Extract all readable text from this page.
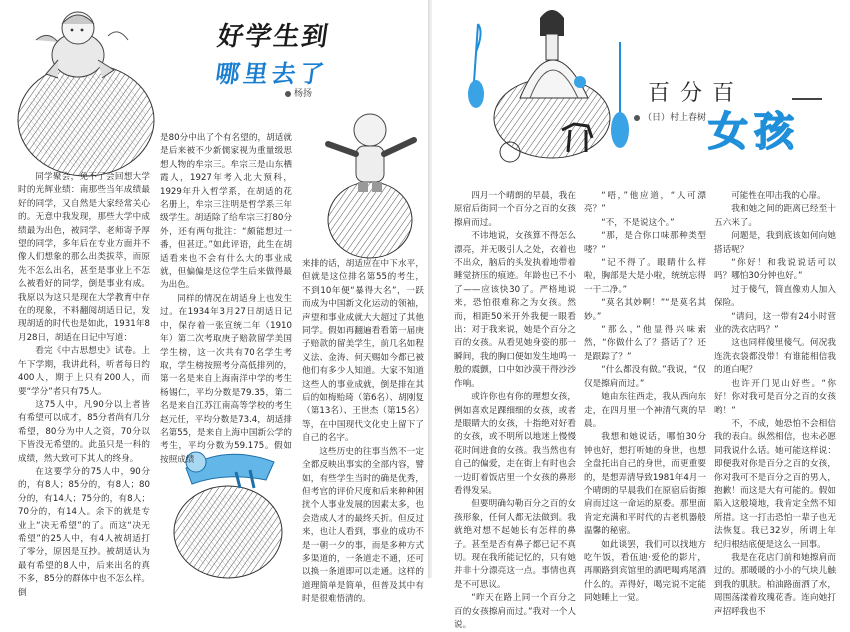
好学生到
哪里去了
杨扬

同学聚会，免不了会回想大学时的光辉业绩：南那些当年成绩最好的同学，又自然是大家经常关心的。无意中我发现，那些大学中成绩最为出色，被同学、老师寄予厚望的同学，多年后在专业方面并不像人们想象的那么出类拔萃，而原先不怎么出名，甚至是事业上不怎么被看好的同学，倒是事业有成。我原以为这只是现在大学教育中存在的现象，不料翻阅胡适日记，发现胡适的时代也是如此，1931年8月28日，胡适在日记中写道：

看完《中古思想史》试卷。上午下学期，我讲此科，听者每日约400人，期于上只有200人，而要“学分”者只有75人。

这75人中，凡90分以上者皆有希望可以成才，85分者尚有几分希望，80分为中人之资，70分以下皆没无希望的。此虽只是一科的成绩，然大致可下其人的终身。

在这要学分的75人中，90分的，有8人；85分的，有8人；80分的，有14人；75分的，有8人；70分的，有14人。余下的就是专业上“决无希望”的了。而这“决无希望”的25人中，有4人被胡适打了零分，原因是互抄。被胡适认为最有希望的8人中，后来出名的真不多，85分的群体中也不怎么样。倒

是80分中出了个有名望的，胡适就是后来被不少新儒家视为重量级思想人物的牟宗三。牟宗三是山东栖霞人，1927年考入北大预科，1929年升入哲学系，在胡适的花名册上，牟宗三注明是哲学系三年级学生。胡适除了给牟宗三打80分外，还有两句批注：“颇能想过一番，但甚迂。”如此评语，此生在胡适看来也不会有什么大的事业成就，但偏偏是这位学生后来做得最为出色。

同样的情况在胡适身上也发生过。在1934年3月27日胡适日记中，保存着一张宣统二年（1910年）第二次考取庚子赔款留学美国学生榜，这一次共有70名学生考取，学生榜按照考分高低排列的，第一名是来自上海南洋中学的考生杨锡仁，平均分数是79.35，第二名是来自江苏江南高等学校的考生赵元任，平均分数是73.4，胡适排名第55，是来自上海中国新公学的考生，平均分数为59.175。假如按照成绩

来排的话，胡适应在中下水平，但就是这位排名第55的考生，不到10年便“暴得大名”，一跃而成为中国新文化运动的领袖，声望和事业成就大大超过了其他同学。假如再翻遍看看第一届庚子赔款的留美学生，前几名如程义法、金涛、何天赐如今都已被他们有多少人知道。大家不知道这些人的事业成就，倒是排在其后的如梅贻琦（第6名）、胡刚复（第13名）、王世杰（第15名）等，在中国现代文化史上留下了自己的名字。

这些历史的往事当然不一定全都反映出事实的全部内容，譬如，有些学生当时的确是优秀，但考官的评价尺度和后来种种困扰个人事业发展的因素太多，也会造成人才的最终夭折。但反过来，也让人看到，事业的成功不是一朝一夕的事，而是多种方式多渠道的，一条道走不通，还可以换一条道即可以走通。这样的道理简单是简单，但普及其中有时是很难悟清的。

百分百
女孩
（日）村上春树

四月一个晴朗的早晨，我在原宿后街同一个百分之百的女孩擦肩而过。

不讳地说，女孩算不得怎么漂亮，并无吸引人之处，衣着也不出众，脑后的头发执着地带着睡觉挤压的痕迹。年龄也已不小了——应该快30了。严格地说来，恐怕很难称之为女孩。然而，相距50米开外我便一眼看出：对于我来说，她是个百分之百的女孩。从看见她身姿的那一瞬间，我的胸口便如发生地鸣一般的震颤，口中如沙漠干得沙沙作响。

或许你也有你的理想女孩，例如喜欢足踝细细的女孩，或者是眼睛大的女孩，十指绝对好看的女孩，或不明所以地迷上慢慢花时间进食的女孩。我当然也有自己的偏爱，走在街上有时也会一边盯着饭店里一个女孩的鼻形看得发呆。

但要明确勾勒百分之百的女孩形象，任何人都无法做到。我就绝对想不起她长有怎样的鼻子。甚至是否有鼻子都已记不真切。现在我所能记忆的，只有她并非十分漂亮这一点。事情也真是不可思议。

“昨天在路上同一个百分之百的女孩擦肩而过。”我对一个人说。

“唔，”他应道，“人可漂亮？”

“不，不是说这个。”

“那，是合你口味那种类型喽？”

“记不得了。眼睛什么样啦，胸部是大是小啦，统统忘得一干二净。”

“莫名其妙啊！”“是莫名其妙。”

“那么，”他显得兴味索然，“你做什么了？搭话了？还是跟踪了？”

“什么都没有做。”我说，“仅仅是擦肩而过。”

她由东往西走，我从西向东走，在四月里一个神清气爽的早晨。

我想和她说话，哪怕30分钟也好，想打听她的身世，也想全盘托出自己的身世，而更重要的，是想弄清导致1981年4月一个晴朗的早晨我们在原宿后街擦肩而过这一命运的原委。那里面肯定充满和平时代的古老机器般温馨的秘密。

如此谈罢，我们可以找地方吃午饭，看伍迪·爱伦的影片，再顺路到宾馆里的酒吧喝鸡尾酒什么的。弄得好，喝完说不定能同她睡上一觉。

可能性在叩击我的心扉。

我和她之间的距离已经至十五六米了。

问题是，我到底该如何向她搭话呢？

“你好！和我说说话可以吗？哪怕30分钟也好。”

过于傻气，简直像劝人加入保险。

“请问，这一带有24小时营业的洗衣店吗？”

这也同样傻里傻气。何况我连洗衣袋都没带！有谁能相信我的道白呢？

也许开门见山好些。“你好！你对我可是百分之百的女孩哟！”

不，不成，她恐怕不会相信我的表白。纵然相信，也未必愿同我说什么话。她可能这样说：即便我对你是百分之百的女孩，你对我可不是百分之百的男人，抱歉！而这是大有可能的。假如陷入这般境地，我肯定全然不知所措。这一打击恐怕一辈子也无法恢复。我已32岁，所谓上年纪归根结底便是这么一回事。

我是在花店门前和她擦肩而过的。那暖暖的小小的气块儿触到我的肌肤。柏油路面洒了水，周围荡漾着玫瑰花香。连向她打声招呼我也不
